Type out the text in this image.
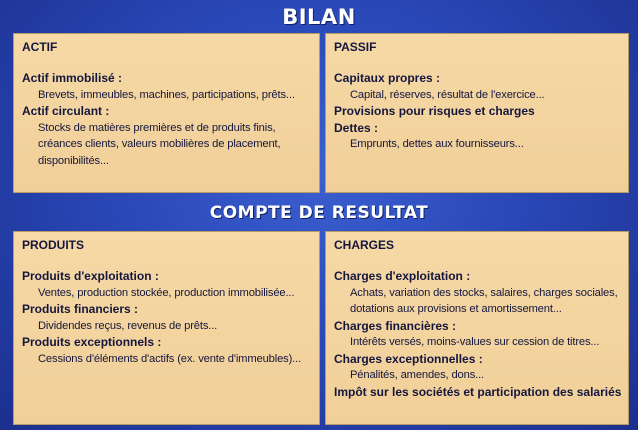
BILAN
ACTIF
Actif immobilisé :
Brevets, immeubles, machines, participations, prêts...
Actif circulant :
Stocks de matières premières et de produits finis,
créances clients, valeurs mobilières de placement,
disponibilités...
PASSIF
Capitaux propres :
Capital, réserves, résultat de l'exercice...
Provisions pour risques et charges
Dettes :
Emprunts, dettes aux fournisseurs...
COMPTE DE RESULTAT
PRODUITS
Produits d'exploitation :
Ventes, production stockée, production immobilisée...
Produits financiers :
Dividendes reçus, revenus de prêts...
Produits exceptionnels :
Cessions d'éléments d'actifs (ex. vente d'immeubles)...
CHARGES
Charges d'exploitation :
Achats, variation des stocks, salaires, charges sociales,
dotations aux provisions et amortissement...
Charges financières :
Intérêts versés, moins-values sur cession de titres...
Charges exceptionnelles :
Pénalités, amendes, dons...
Impôt sur les sociétés et participation des salariés
